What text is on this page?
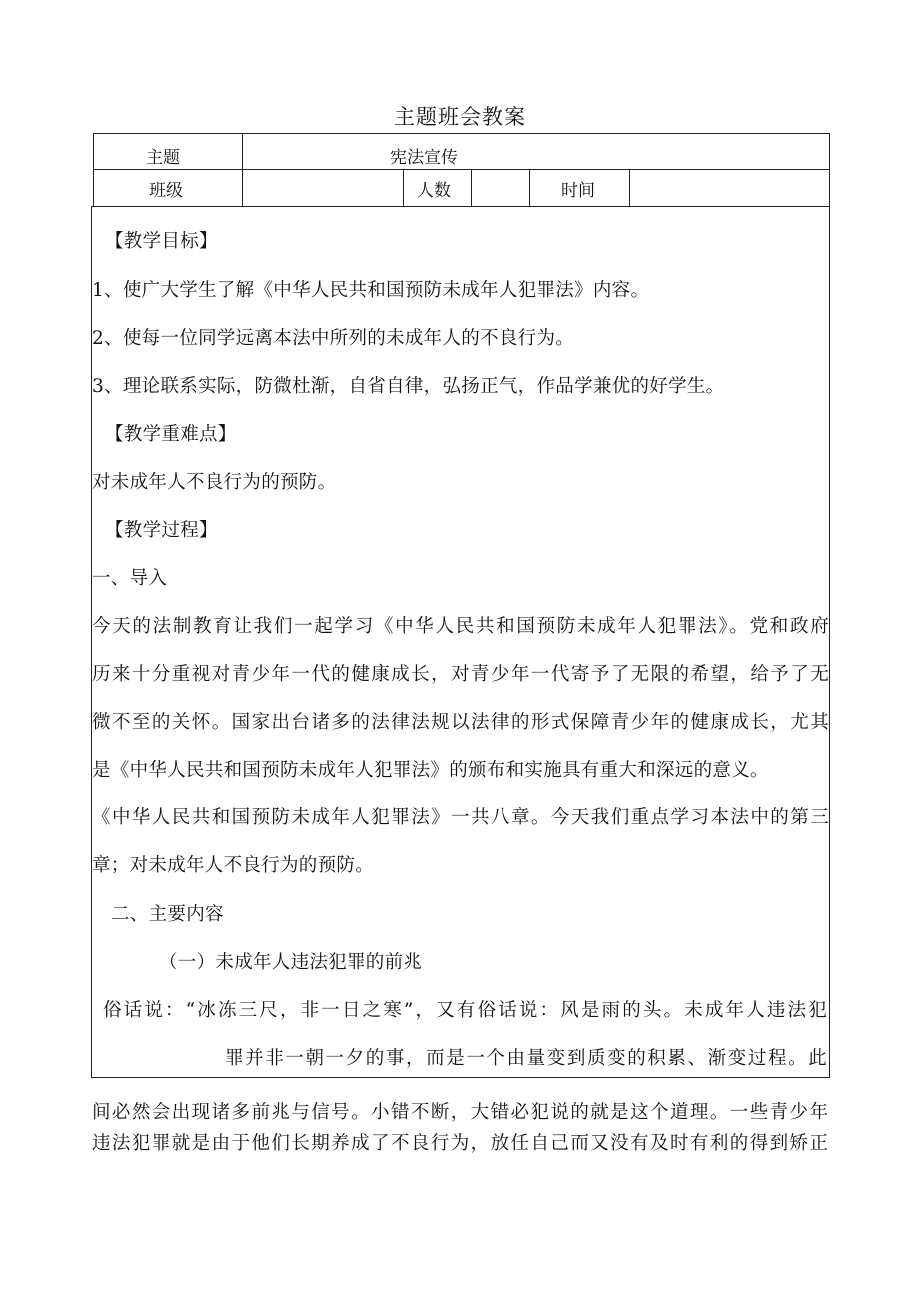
主题班会教案
主题	宪法宣传
班级	人数	时间
【教学目标】
1、使广大学生了解《中华人民共和国预防未成年人犯罪法》内容。
2、使每一位同学远离本法中所列的未成年人的不良行为。
3、理论联系实际，防微杜渐，自省自律，弘扬正气，作品学兼优的好学生。
【教学重难点】
对未成年人不良行为的预防。
【教学过程】
一、导入
今天的法制教育让我们一起学习《中华人民共和国预防未成年人犯罪法》。党和政府
历来十分重视对青少年一代的健康成长，对青少年一代寄予了无限的希望，给予了无
微不至的关怀。国家出台诸多的法律法规以法律的形式保障青少年的健康成长，尤其
是《中华人民共和国预防未成年人犯罪法》的颁布和实施具有重大和深远的意义。
《中华人民共和国预防未成年人犯罪法》一共八章。今天我们重点学习本法中的第三
章；对未成年人不良行为的预防。
二、主要内容
（一）未成年人违法犯罪的前兆
俗话说：“冰冻三尺，非一日之寒”，又有俗话说：风是雨的头。未成年人违法犯
罪并非一朝一夕的事，而是一个由量变到质变的积累、渐变过程。此
间必然会出现诸多前兆与信号。小错不断，大错必犯说的就是这个道理。一些青少年
违法犯罪就是由于他们长期养成了不良行为，放任自己而又没有及时有利的得到矫正
